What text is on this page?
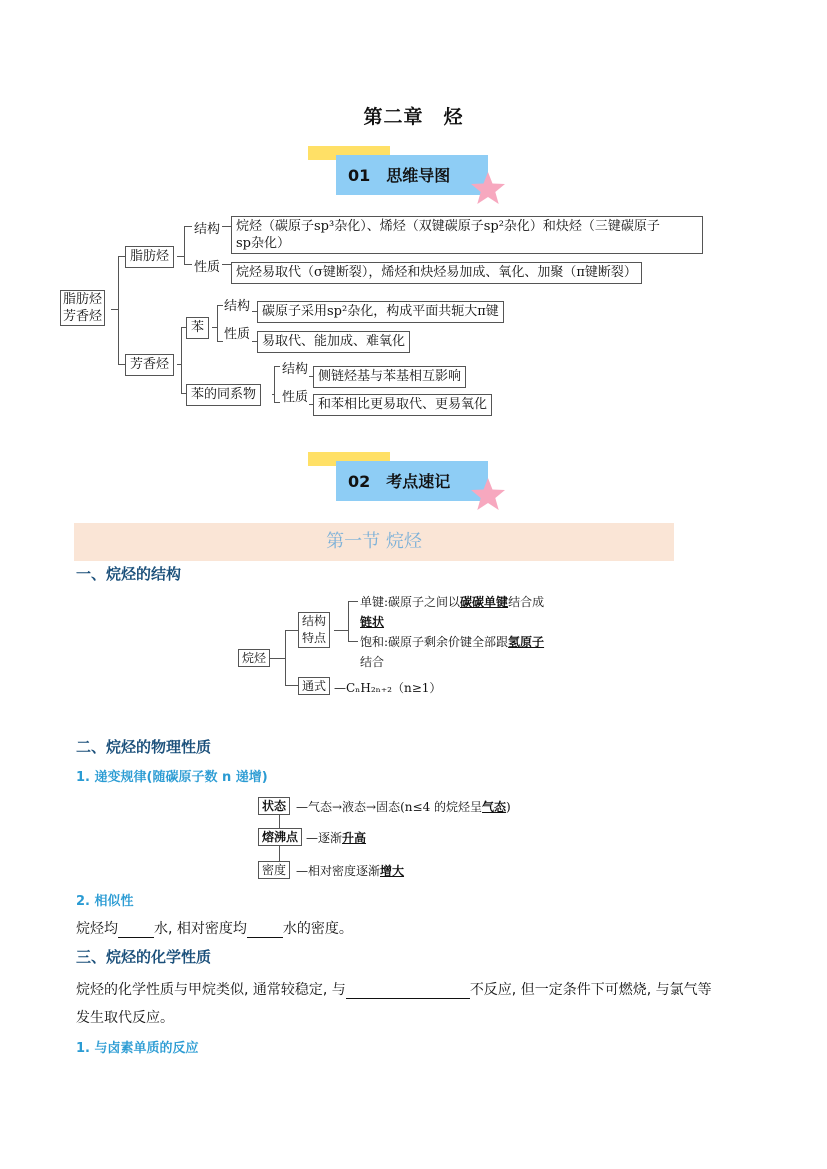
第二章　烃
01　思维导图
脂肪烃
芳香烃
脂肪烃
结构
性质
烷烃（碳原子sp³杂化）、烯烃（双键碳原子sp²杂化）和炔烃（三键碳原子
sp杂化）
烷烃易取代（σ键断裂），烯烃和炔烃易加成、氧化、加聚（π键断裂）
芳香烃
苯
结构
性质
碳原子采用sp²杂化，构成平面共轭大π键
易取代、能加成、难氧化
苯的同系物
结构
性质
侧链烃基与苯基相互影响
和苯相比更易取代、更易氧化
02　考点速记
第一节 烷烃
一、烷烃的结构
烷烃
结构
特点
单键:碳原子之间以碳碳单键结合成
链状
饱和:碳原子剩余价键全部跟氢原子
结合
通式 —CₙH₂ₙ₊₂（n≥1）
二、烷烃的物理性质
1. 递变规律(随碳原子数 n 递增)
状态 —气态→液态→固态(n≤4 的烷烃呈气态)
熔沸点 —逐渐升高
密度 —相对密度逐渐增大
2. 相似性
烷烃均	水, 相对密度均	水的密度。
三、烷烃的化学性质
烷烃的化学性质与甲烷类似, 通常较稳定, 与	不反应, 但一定条件下可燃烧, 与氯气等
发生取代反应。
1. 与卤素单质的反应
